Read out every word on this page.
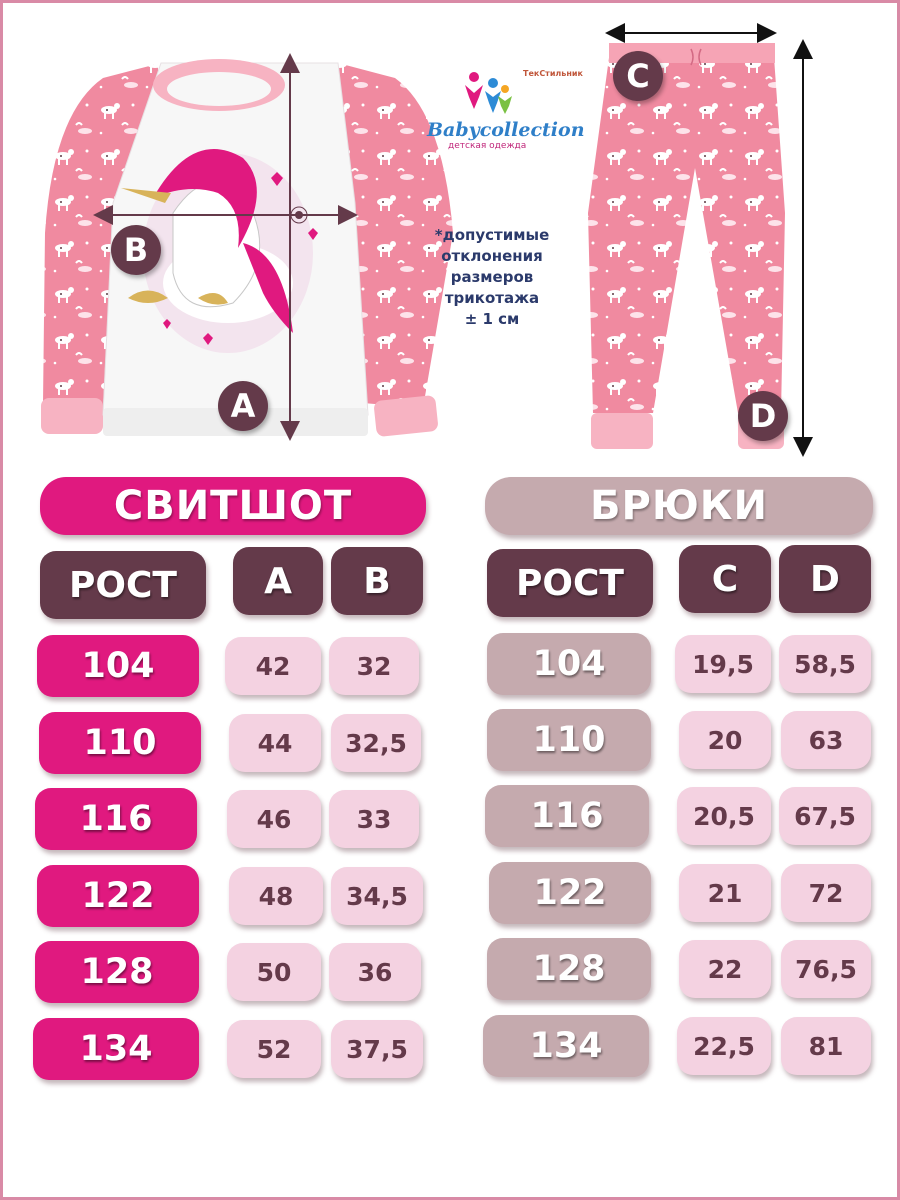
Babycollection
детская одежда
ТекСтильник
*допустимые
отклонения
размеров
трикотажа
± 1 см
A
B
C
D
СВИТШОТ
РОСТ	A	B
104	42	32
110	44	32,5
116	46	33
122	48	34,5
128	50	36
134	52	37,5
БРЮКИ
РОСТ	C	D
104	19,5	58,5
110	20	63
116	20,5	67,5
122	21	72
128	22	76,5
134	22,5	81
